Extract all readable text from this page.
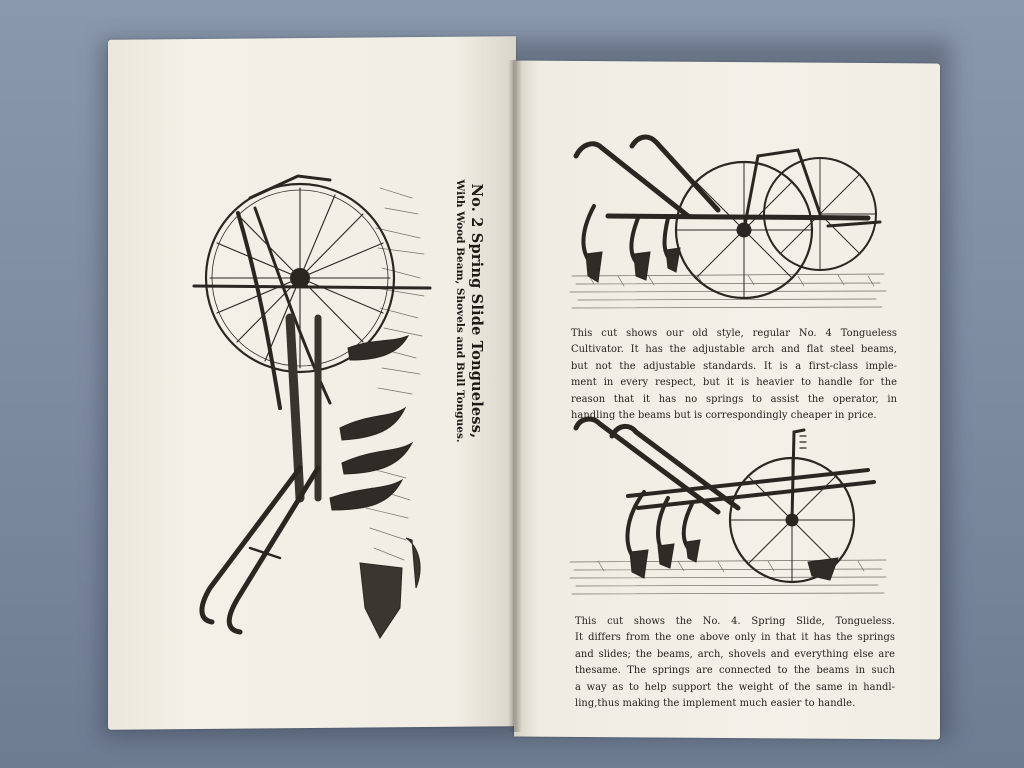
No. 2 Spring Slide Tongueless,
With Wood Beam, Shovels and Bull Tongues.	This cut shows our old style, regular No. 4 Tongueless
Cultivator. It has the adjustable arch and flat steel beams,
but not the adjustable standards. It is a first-class imple-
ment in every respect, but it is heavier to handle for the
reason that it has no springs to assist the operator, in
handling the beams but is correspondingly cheaper in price.
This cut shows the No. 4. Spring Slide, Tongueless.
It differs from the one above only in that it has the springs
and slides; the beams, arch, shovels and everything else are
thesame. The springs are connected to the beams in such
a way as to help support the weight of the same in handl-
ling,thus making the implement much easier to handle.
